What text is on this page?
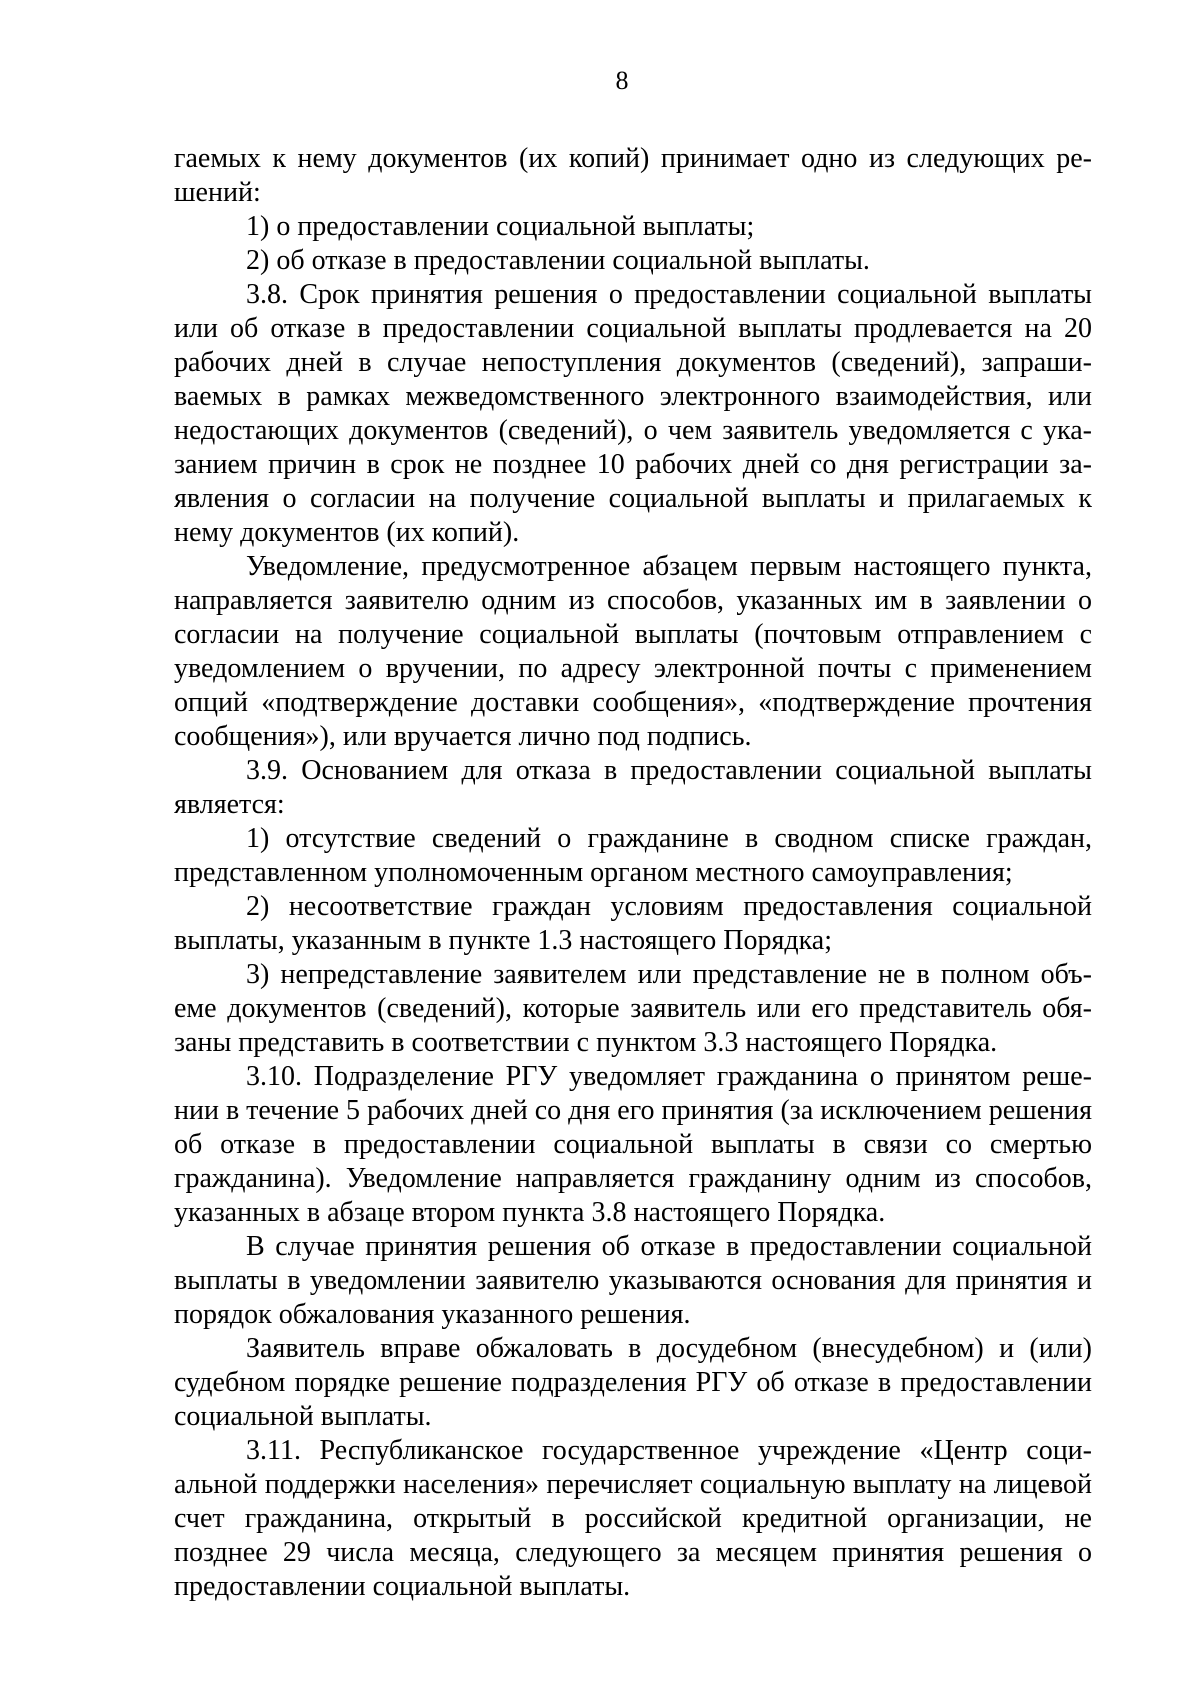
8

гаемых к нему документов (их копий) принимает одно из следующих решений:

1) о предоставлении социальной выплаты;

2) об отказе в предоставлении социальной выплаты.

3.8. Срок принятия решения о предоставлении социальной выплаты или об отказе в предоставлении социальной выплаты продлевается на 20 рабочих дней в случае непоступления документов (сведений), запрашиваемых в рамках межведомственного электронного взаимодействия, или недостающих документов (сведений), о чем заявитель уведомляется с указанием причин в срок не позднее 10 рабочих дней со дня регистрации заявления о согласии на получение социальной выплаты и прилагаемых к нему документов (их копий).

Уведомление, предусмотренное абзацем первым настоящего пункта, направляется заявителю одним из способов, указанных им в заявлении о согласии на получение социальной выплаты (почтовым отправлением с уведомлением о вручении, по адресу электронной почты с применением опций «подтверждение доставки сообщения», «подтверждение прочтения сообщения»), или вручается лично под подпись.

3.9. Основанием для отказа в предоставлении социальной выплаты является:

1) отсутствие сведений о гражданине в сводном списке граждан, представленном уполномоченным органом местного самоуправления;

2) несоответствие граждан условиям предоставления социальной выплаты, указанным в пункте 1.3 настоящего Порядка;

3) непредставление заявителем или представление не в полном объеме документов (сведений), которые заявитель или его представитель обязаны представить в соответствии с пунктом 3.3 настоящего Порядка.

3.10. Подразделение РГУ уведомляет гражданина о принятом решении в течение 5 рабочих дней со дня его принятия (за исключением решения об отказе в предоставлении социальной выплаты в связи со смертью гражданина). Уведомление направляется гражданину одним из способов, указанных в абзаце втором пункта 3.8 настоящего Порядка.

В случае принятия решения об отказе в предоставлении социальной выплаты в уведомлении заявителю указываются основания для принятия и порядок обжалования указанного решения.

Заявитель вправе обжаловать в досудебном (внесудебном) и (или) судебном порядке решение подразделения РГУ об отказе в предоставлении социальной выплаты.

3.11. Республиканское государственное учреждение «Центр социальной поддержки населения» перечисляет социальную выплату на лицевой счет гражданина, открытый в российской кредитной организации, не позднее 29 числа месяца, следующего за месяцем принятия решения о предоставлении социальной выплаты.
